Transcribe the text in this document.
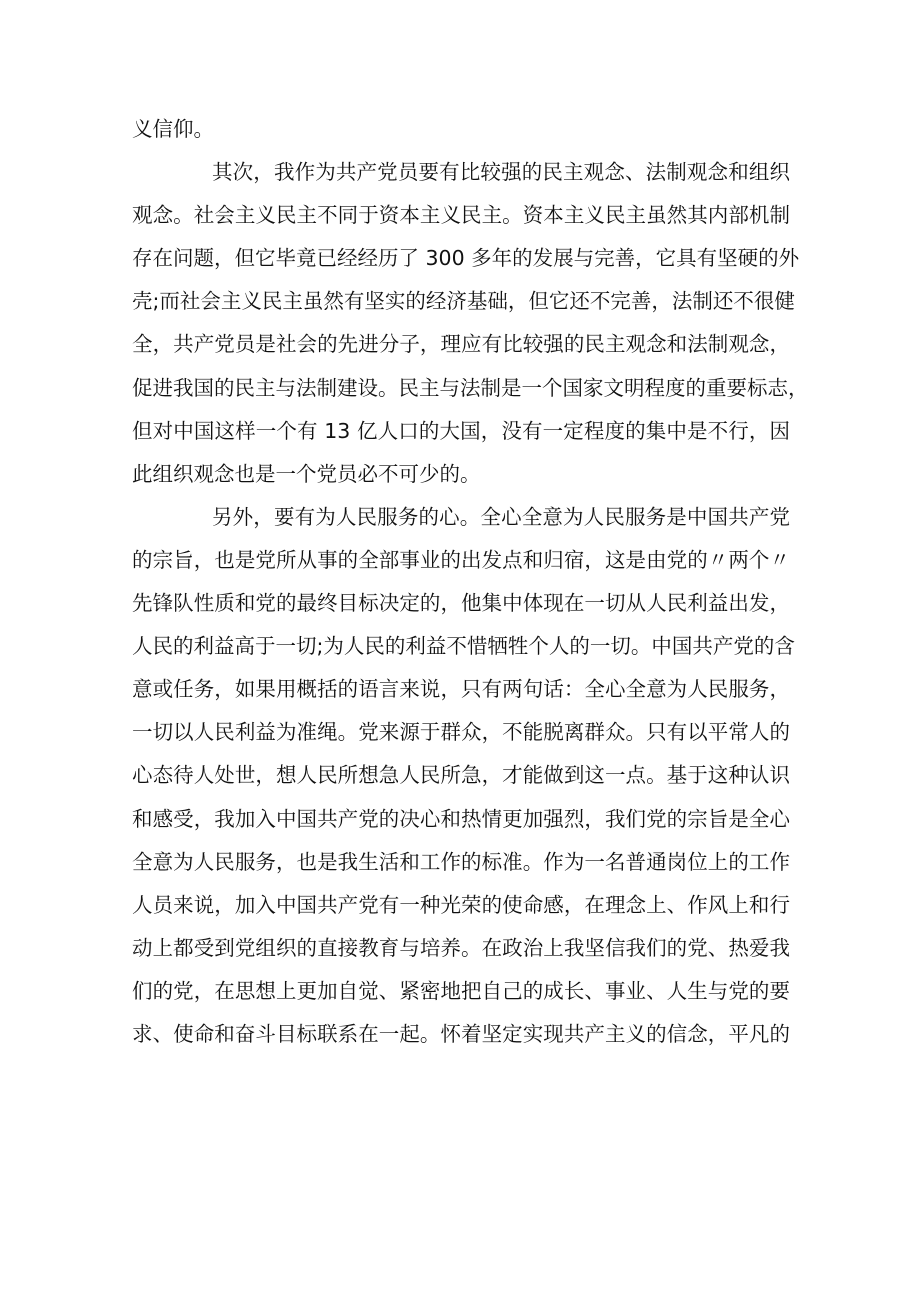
义信仰。
其次，我作为共产党员要有比较强的民主观念、法制观念和组织
观念。社会主义民主不同于资本主义民主。资本主义民主虽然其内部机制
存在问题，但它毕竟已经经历了 300 多年的发展与完善，它具有坚硬的外
壳;而社会主义民主虽然有坚实的经济基础，但它还不完善，法制还不很健
全，共产党员是社会的先进分子，理应有比较强的民主观念和法制观念，
促进我国的民主与法制建设。民主与法制是一个国家文明程度的重要标志，
但对中国这样一个有 13 亿人口的大国，没有一定程度的集中是不行，因
此组织观念也是一个党员必不可少的。
另外，要有为人民服务的心。全心全意为人民服务是中国共产党
的宗旨，也是党所从事的全部事业的出发点和归宿，这是由党的〃两个〃
先锋队性质和党的最终目标决定的，他集中体现在一切从人民利益出发，
人民的利益高于一切;为人民的利益不惜牺牲个人的一切。中国共产党的含
意或任务，如果用概括的语言来说，只有两句话：全心全意为人民服务，
一切以人民利益为准绳。党来源于群众，不能脱离群众。只有以平常人的
心态待人处世，想人民所想急人民所急，才能做到这一点。基于这种认识
和感受，我加入中国共产党的决心和热情更加强烈，我们党的宗旨是全心
全意为人民服务，也是我生活和工作的标准。作为一名普通岗位上的工作
人员来说，加入中国共产党有一种光荣的使命感，在理念上、作风上和行
动上都受到党组织的直接教育与培养。在政治上我坚信我们的党、热爱我
们的党，在思想上更加自觉、紧密地把自己的成长、事业、人生与党的要
求、使命和奋斗目标联系在一起。怀着坚定实现共产主义的信念，平凡的
